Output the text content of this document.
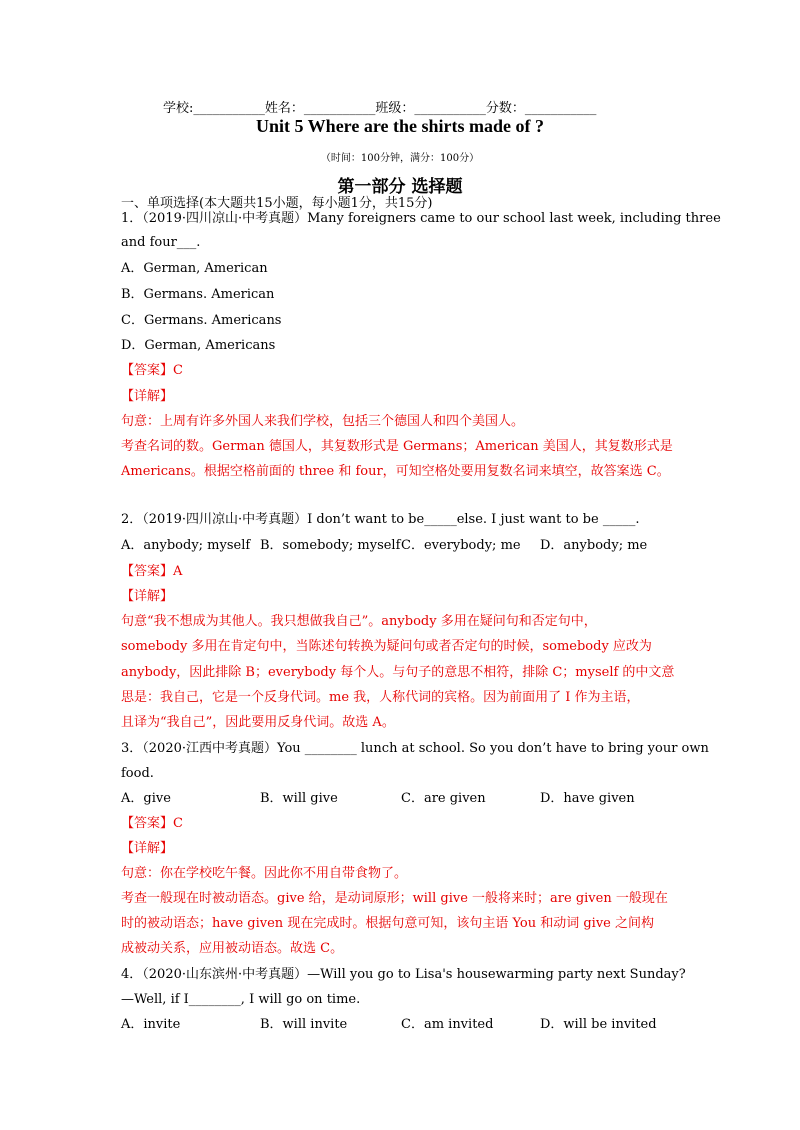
学校:___________姓名：___________班级：___________分数：___________
Unit 5 Where are the shirts made of ?
（时间：100分钟，满分：100分）
第一部分 选择题
一、单项选择(本大题共15小题，每小题1分，共15分)
1．（2019·四川凉山·中考真题）Many foreigners came to our school last week, including three
and four___.
A．German, American
B．Germans. American
C．Germans. Americans
D．German, Americans
【答案】C
【详解】
句意：上周有许多外国人来我们学校，包括三个德国人和四个美国人。
考查名词的数。German 德国人，其复数形式是 Germans；American 美国人，其复数形式是
Americans。根据空格前面的 three 和 four，可知空格处要用复数名词来填空，故答案选 C。
2．（2019·四川凉山·中考真题）I don’t want to be_____else. I just want to be _____.
A．anybody; myself B．somebody; myself C．everybody; me	D．anybody; me
【答案】A
【详解】
句意“我不想成为其他人。我只想做我自己”。anybody 多用在疑问句和否定句中，
somebody 多用在肯定句中，当陈述句转换为疑问句或者否定句的时候，somebody 应改为
anybody，因此排除 B；everybody 每个人。与句子的意思不相符，排除 C；myself 的中文意
思是：我自己，它是一个反身代词。me 我，人称代词的宾格。因为前面用了 I 作为主语，
且译为“我自己”，因此要用反身代词。故选 A。
3．（2020·江西中考真题）You ________ lunch at school. So you don’t have to bring your own
food.
A．give	B．will give	C．are given	D．have given
【答案】C
【详解】
句意：你在学校吃午餐。因此你不用自带食物了。
考查一般现在时被动语态。give 给，是动词原形；will give 一般将来时；are given 一般现在
时的被动语态；have given 现在完成时。根据句意可知，该句主语 You 和动词 give 之间构
成被动关系，应用被动语态。故选 C。
4．（2020·山东滨州·中考真题）—Will you go to Lisa's housewarming party next Sunday?
—Well, if I________, I will go on time.
A．invite	B．will invite	C．am invited	D．will be invited
